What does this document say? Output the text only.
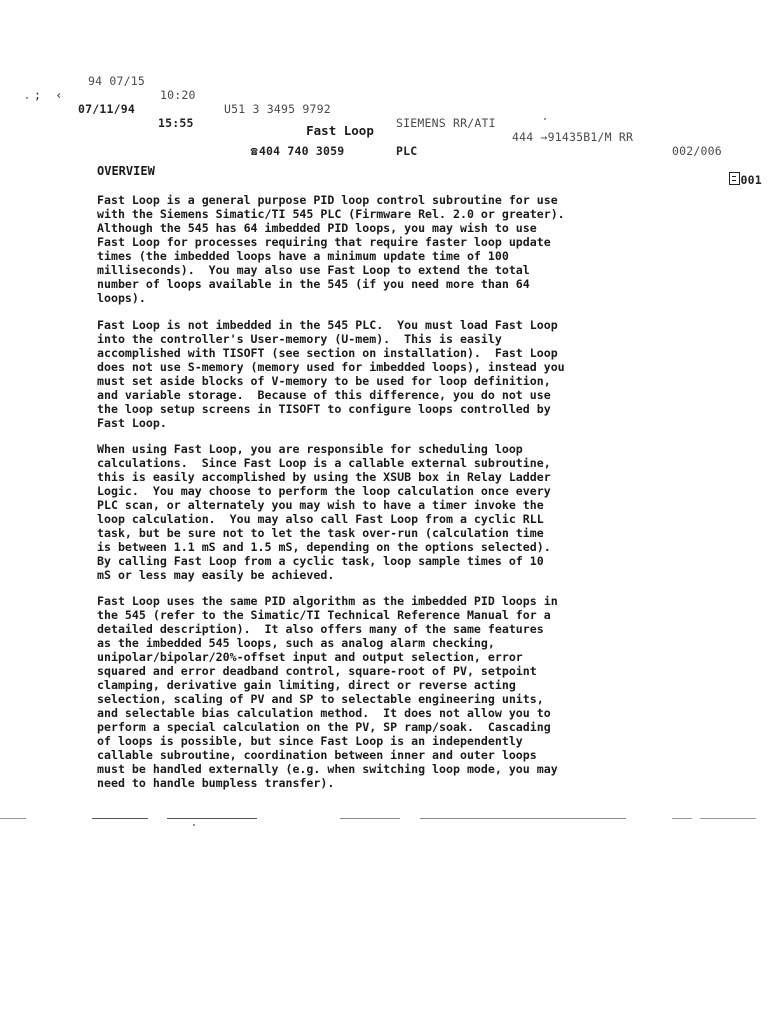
94 07/15

10:20

U51 3 3495 9792

SIEMENS RR/ATI

444 →91435B1/M RR

002/006

;  ‹

07/11/94

15:55

☎404 740 3059

	PLC

001

Fast Loop
OVERVIEW
Fast Loop is a general purpose PID loop control subroutine for use
with the Siemens Simatic/TI 545 PLC (Firmware Rel. 2.0 or greater).
Although the 545 has 64 imbedded PID loops, you may wish to use
Fast Loop for processes requiring that require faster loop update
times (the imbedded loops have a minimum update time of 100
milliseconds).  You may also use Fast Loop to extend the total
number of loops available in the 545 (if you need more than 64
loops).
Fast Loop is not imbedded in the 545 PLC.  You must load Fast Loop
into the controller's User-memory (U-mem).  This is easily
accomplished with TISOFT (see section on installation).  Fast Loop
does not use S-memory (memory used for imbedded loops), instead you
must set aside blocks of V-memory to be used for loop definition,
and variable storage.  Because of this difference, you do not use
the loop setup screens in TISOFT to configure loops controlled by
Fast Loop.
When using Fast Loop, you are responsible for scheduling loop
calculations.  Since Fast Loop is a callable external subroutine,
this is easily accomplished by using the XSUB box in Relay Ladder
Logic.  You may choose to perform the loop calculation once every
PLC scan, or alternately you may wish to have a timer invoke the
loop calculation.  You may also call Fast Loop from a cyclic RLL
task, but be sure not to let the task over-run (calculation time
is between 1.1 mS and 1.5 mS, depending on the options selected).
By calling Fast Loop from a cyclic task, loop sample times of 10
mS or less may easily be achieved.
Fast Loop uses the same PID algorithm as the imbedded PID loops in
the 545 (refer to the Simatic/TI Technical Reference Manual for a
detailed description).  It also offers many of the same features
as the imbedded 545 loops, such as analog alarm checking,
unipolar/bipolar/20%-offset input and output selection, error
squared and error deadband control, square-root of PV, setpoint
clamping, derivative gain limiting, direct or reverse acting
selection, scaling of PV and SP to selectable engineering units,
and selectable bias calculation method.  It does not allow you to
perform a special calculation on the PV, SP ramp/soak.  Cascading
of loops is possible, but since Fast Loop is an independently
callable subroutine, coordination between inner and outer loops
must be handled externally (e.g. when switching loop mode, you may
need to handle bumpless transfer).
